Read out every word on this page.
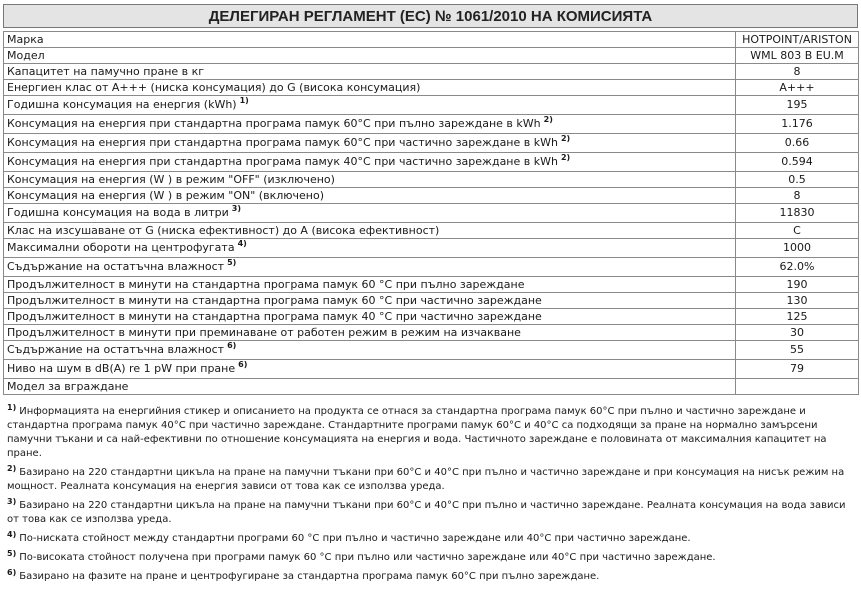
ДЕЛЕГИРАН РЕГЛАМЕНТ (ЕС) № 1061/2010 НА КОМИСИЯТА
Марка	HOTPOINT/ARISTON
Модел	WML 803 B EU.M
Капацитет на памучно пране в кг	8
Енергиен клас от A+++ (ниска консумация) до G (висока консумация)	A+++
Годишна консумация на енергия (kWh) $^{1)}$	195
Консумация на енергия при стандартна програма памук 60°C при пълно зареждане в kWh $^{2)}$	1.176
Консумация на енергия при стандартна програма памук 60°C при частично зареждане в kWh $^{2)}$	0.66
Консумация на енергия при стандартна програма памук 40°C при частично зареждане в kWh $^{2)}$	0.594
Консумация на енергия (W ) в режим "OFF" (изключено)	0.5
Консумация на енергия (W ) в режим "ON" (включено)	8
Годишна консумация на вода в литри $^{3)}$	11830
Клас на изсушаване от G (ниска ефективност) до A (висока ефективност)	C
Максимални обороти на центрофугата $^{4)}$	1000
Съдържание на остатъчна влажност $^{5)}$	62.0%
Продължителност в минути на стандартна програма памук 60 °C при пълно зареждане	190
Продължителност в минути на стандартна програма памук 60 °C при частично зареждане	130
Продължителност в минути на стандартна програма памук 40 °C при частично зареждане	125
Продължителност в минути при преминаване от работен режим в режим на изчакване	30
Съдържание на остатъчна влажност $^{6)}$	55
Ниво на шум в dB(A) re 1 pW при пране $^{6)}$	79
Модел за вграждане	
$^{1)}$ Информацията на енергийния стикер и описанието на продукта се отнася за стандартна програма памук 60°C при пълно и частично зареждане и стандартна програма памук 40°C при частично зареждане. Стандартните програми памук 60°C и 40°C са подходящи за пране на нормално замърсени памучни тъкани и са най-ефективни по отношение консумацията на енергия и вода. Частичното зареждане е половината от максималния капацитет на пране.
$^{2)}$ Базирано на 220 стандартни цикъла на пране на памучни тъкани при 60°C и 40°C при пълно и частично зареждане и при консумация на нисък режим на мощност. Реалната консумация на енергия зависи от това как се използва уреда.
$^{3)}$ Базирано на 220 стандартни цикъла на пране на памучни тъкани при 60°C и 40°C при пълно и частично зареждане. Реалната консумация на вода зависи от това как се използва уреда.
$^{4)}$ По-ниската стойност между стандартни програми 60 °C при пълно и частично зареждане или 40°C при частично зареждане.
$^{5)}$ По-високата стойност получена при програми памук 60 °C при пълно или частично зареждане или 40°C при частично зареждане.
$^{6)}$ Базирано на фазите на пране и центрофугиране за стандартна програма памук 60°C при пълно зареждане.
